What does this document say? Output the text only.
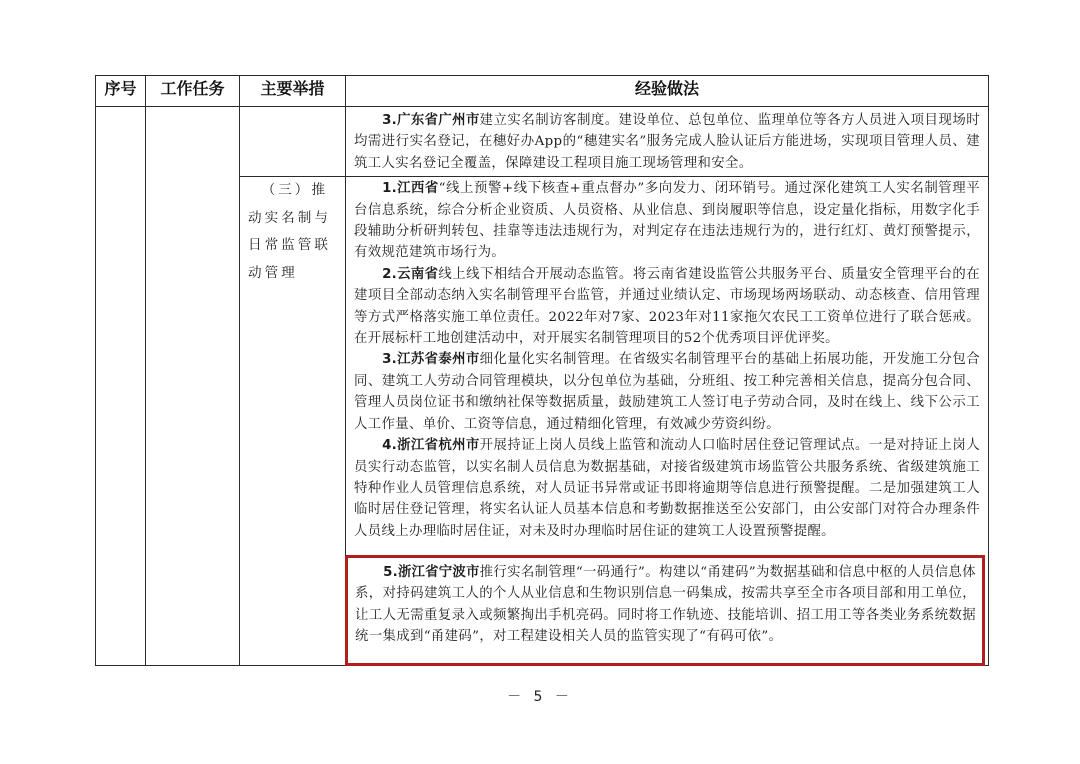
序号	工作任务	主要举措	经验做法

			3.广东省广州市建立实名制访客制度。建设单位、总包单位、监理单位等各方人员进入项目现场时均需进行实名登记，在穗好办App的“穗建实名”服务完成人脸认证后方能进场，实现项目管理人员、建筑工人实名登记全覆盖，保障建设工程项目施工现场管理和安全。

		（三）推动实名制与日常监管联动管理	1.江西省“线上预警+线下核查+重点督办”多向发力、闭环销号。通过深化建筑工人实名制管理平台信息系统，综合分析企业资质、人员资格、从业信息、到岗履职等信息，设定量化指标，用数字化手段辅助分析研判转包、挂靠等违法违规行为，对判定存在违法违规行为的，进行红灯、黄灯预警提示，有效规范建筑市场行为。

2.云南省线上线下相结合开展动态监管。将云南省建设监管公共服务平台、质量安全管理平台的在建项目全部动态纳入实名制管理平台监管，并通过业绩认定、市场现场两场联动、动态核查、信用管理等方式严格落实施工单位责任。2022年对7家、2023年对11家拖欠农民工工资单位进行了联合惩戒。在开展标杆工地创建活动中，对开展实名制管理项目的52个优秀项目评优评奖。

3.江苏省泰州市细化量化实名制管理。在省级实名制管理平台的基础上拓展功能，开发施工分包合同、建筑工人劳动合同管理模块，以分包单位为基础，分班组、按工种完善相关信息，提高分包合同、管理人员岗位证书和缴纳社保等数据质量，鼓励建筑工人签订电子劳动合同，及时在线上、线下公示工人工作量、单价、工资等信息，通过精细化管理，有效减少劳资纠纷。

4.浙江省杭州市开展持证上岗人员线上监管和流动人口临时居住登记管理试点。一是对持证上岗人员实行动态监管，以实名制人员信息为数据基础，对接省级建筑市场监管公共服务系统、省级建筑施工特种作业人员管理信息系统，对人员证书异常或证书即将逾期等信息进行预警提醒。二是加强建筑工人临时居住登记管理，将实名认证人员基本信息和考勤数据推送至公安部门，由公安部门对符合办理条件人员线上办理临时居住证，对未及时办理临时居住证的建筑工人设置预警提醒。

5.浙江省宁波市推行实名制管理“一码通行”。构建以“甬建码”为数据基础和信息中枢的人员信息体系，对持码建筑工人的个人从业信息和生物识别信息一码集成，按需共享至全市各项目部和用工单位，让工人无需重复录入或频繁掏出手机亮码。同时将工作轨迹、技能培训、招工用工等各类业务系统数据统一集成到“甬建码”，对工程建设相关人员的监管实现了“有码可依”。

－ 5 －
